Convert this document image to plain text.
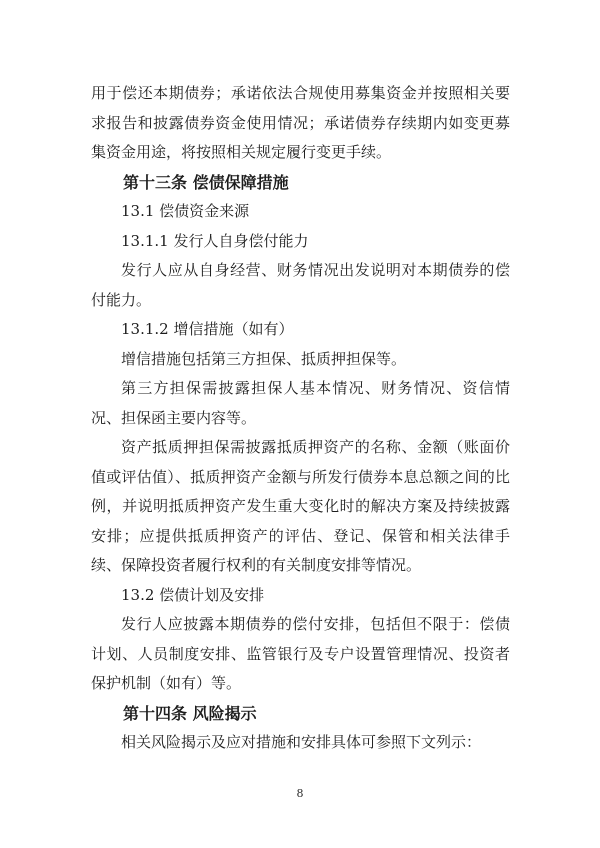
用于偿还本期债券；承诺依法合规使用募集资金并按照相关要求报告和披露债券资金使用情况；承诺债券存续期内如变更募集资金用途，将按照相关规定履行变更手续。

第十三条 偿债保障措施

13.1 偿债资金来源

13.1.1 发行人自身偿付能力

发行人应从自身经营、财务情况出发说明对本期债券的偿付能力。

13.1.2 增信措施（如有）

增信措施包括第三方担保、抵质押担保等。

第三方担保需披露担保人基本情况、财务情况、资信情况、担保函主要内容等。

资产抵质押担保需披露抵质押资产的名称、金额（账面价值或评估值）、抵质押资产金额与所发行债券本息总额之间的比例，并说明抵质押资产发生重大变化时的解决方案及持续披露安排；应提供抵质押资产的评估、登记、保管和相关法律手续、保障投资者履行权利的有关制度安排等情况。

13.2 偿债计划及安排

发行人应披露本期债券的偿付安排，包括但不限于：偿债计划、人员制度安排、监管银行及专户设置管理情况、投资者保护机制（如有）等。

第十四条 风险揭示

相关风险揭示及应对措施和安排具体可参照下文列示：

8
